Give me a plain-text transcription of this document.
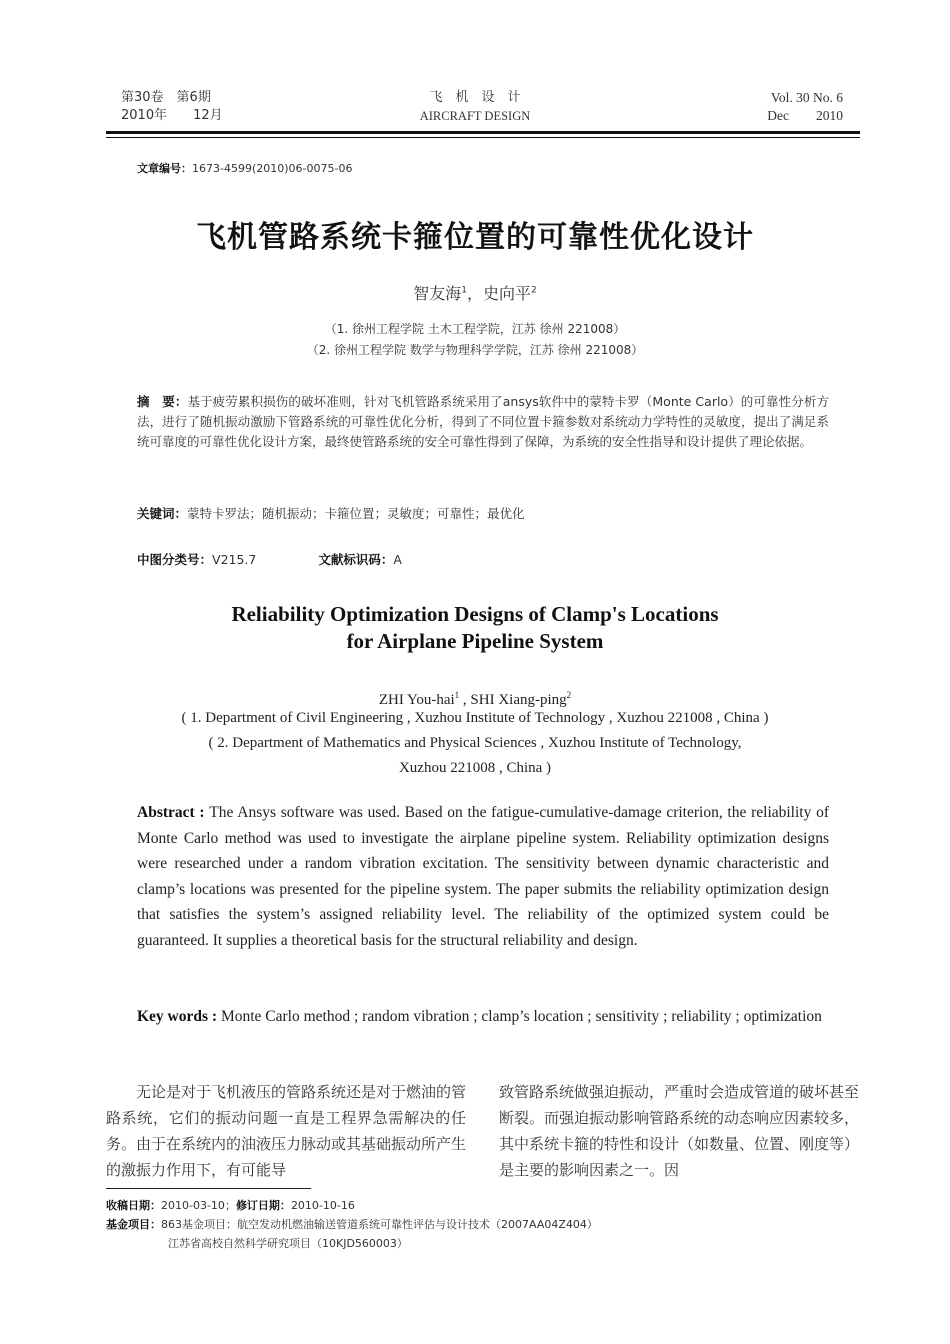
第30卷　第6期
2010年　　12月
飞　机　设　计
AIRCRAFT DESIGN
Vol. 30 No. 6
Dec　　2010
文章编号：1673-4599(2010)06-0075-06
飞机管路系统卡箍位置的可靠性优化设计
智友海$^1$，史向平$^2$
（1. 徐州工程学院 土木工程学院，江苏 徐州 221008）
（2. 徐州工程学院 数学与物理科学学院，江苏 徐州 221008）
摘　要：基于疲劳累积损伤的破坏准则，针对飞机管路系统采用了ansys软件中的蒙特卡罗（Monte Carlo）的可靠性分析方法，进行了随机振动激励下管路系统的可靠性优化分析，得到了不同位置卡箍参数对系统动力学特性的灵敏度，提出了满足系统可靠度的可靠性优化设计方案，最终使管路系统的安全可靠性得到了保障，为系统的安全性指导和设计提供了理论依据。
关键词：蒙特卡罗法；随机振动；卡箍位置；灵敏度；可靠性；最优化
中图分类号：V215.7	文献标识码：A
Reliability Optimization Designs of Clamp's Locations
for Airplane Pipeline System
ZHI You-hai$^1$ , SHI Xiang-ping$^2$
( 1. Department of Civil Engineering , Xuzhou Institute of Technology , Xuzhou 221008 , China )
( 2. Department of Mathematics and Physical Sciences , Xuzhou Institute of Technology,
Xuzhou 221008 , China )
Abstract : The Ansys software was used. Based on the fatigue-cumulative-damage criterion, the reliability of Monte Carlo method was used to investigate the airplane pipeline system. Reliability optimization designs were researched under a random vibration excitation. The sensitivity between dynamic characteristic and clamp’s locations was presented for the pipeline system. The paper submits the reliability optimization design that satisfies the system’s assigned reliability level. The reliability of the optimized system could be guaranteed. It supplies a theoretical basis for the structural reliability and design.
Key words : Monte Carlo method ; random vibration ; clamp’s location ; sensitivity ; reliability ; optimization
无论是对于飞机液压的管路系统还是对于燃油的管路系统，它们的振动问题一直是工程界急需解决的任务。由于在系统内的油液压力脉动或其基础振动所产生的激振力作用下，有可能导
致管路系统做强迫振动，严重时会造成管道的破坏甚至断裂。而强迫振动影响管路系统的动态响应因素较多，其中系统卡箍的特性和设计（如数量、位置、刚度等）是主要的影响因素之一。因
收稿日期：2010-03-10；修订日期：2010-10-16
基金项目：863基金项目：航空发动机燃油输送管道系统可靠性评估与设计技术（2007AA04Z404）
江苏省高校自然科学研究项目（10KJD560003）
